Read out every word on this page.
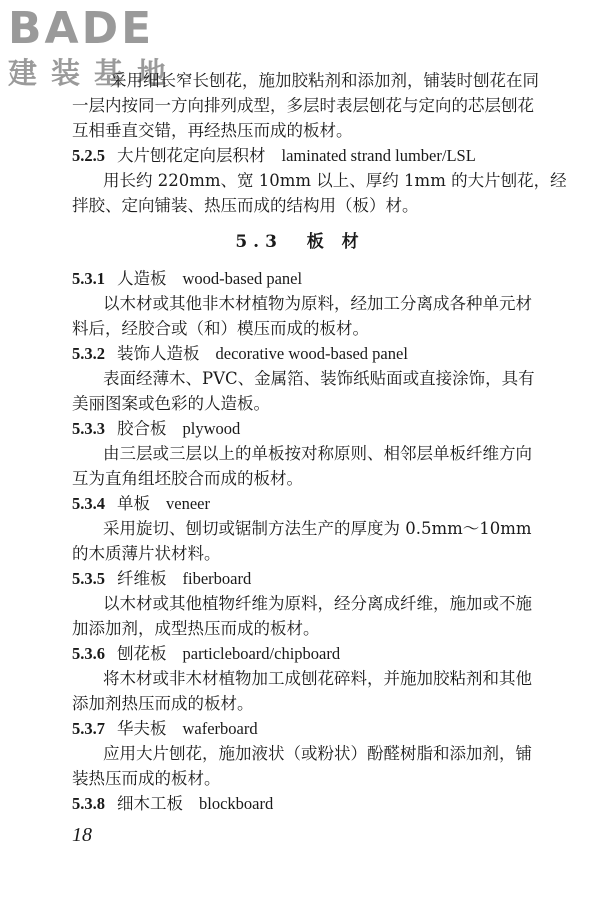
BADE
建装基地
采用细长窄长刨花，施加胶粘剂和添加剂，铺装时刨花在同
一层内按同一方向排列成型，多层时表层刨花与定向的芯层刨花
互相垂直交错，再经热压而成的板材。
5.2.5 大片刨花定向层积材 laminated strand lumber/LSL
用长约 220mm、宽 10mm 以上、厚约 1mm 的大片刨花，经
拌胶、定向铺装、热压而成的结构用（板）材。
5.3 板 材
5.3.1 人造板 wood-based panel
以木材或其他非木材植物为原料，经加工分离成各种单元材
料后，经胶合或（和）模压而成的板材。
5.3.2 装饰人造板 decorative wood-based panel
表面经薄木、PVC、金属箔、装饰纸贴面或直接涂饰，具有
美丽图案或色彩的人造板。
5.3.3 胶合板 plywood
由三层或三层以上的单板按对称原则、相邻层单板纤维方向
互为直角组坯胶合而成的板材。
5.3.4 单板 veneer
采用旋切、刨切或锯制方法生产的厚度为 0.5mm～10mm
的木质薄片状材料。
5.3.5 纤维板 fiberboard
以木材或其他植物纤维为原料，经分离成纤维，施加或不施
加添加剂，成型热压而成的板材。
5.3.6 刨花板 particleboard/chipboard
将木材或非木材植物加工成刨花碎料，并施加胶粘剂和其他
添加剂热压而成的板材。
5.3.7 华夫板 waferboard
应用大片刨花，施加液状（或粉状）酚醛树脂和添加剂，铺
装热压而成的板材。
5.3.8 细木工板 blockboard
18
